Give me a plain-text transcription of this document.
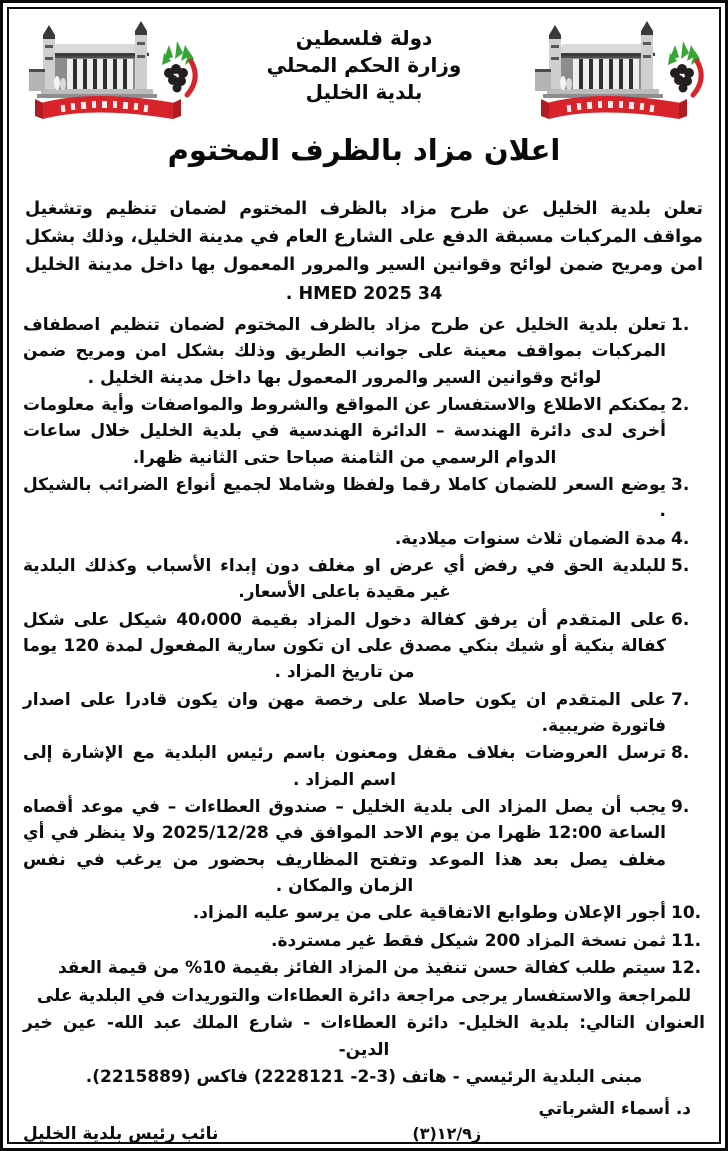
دولة فلسطين
وزارة الحكم المحلي
بلدية الخليل
اعلان مزاد بالظرف المختوم

تعلن بلدية الخليل عن طرح مزاد بالظرف المختوم لضمان تنظيم وتشغيل مواقف المركبات مسبقة الدفع على الشارع العام في مدينة الخليل، وذلك بشكل امن ومريح ضمن لوائح وقوانين السير والمرور المعمول بها داخل مدينة الخليل 34 2025 HMED .

1.
تعلن بلدية الخليل عن طرح مزاد بالظرف المختوم لضمان تنظيم اصطفاف المركبات بمواقف معينة على جوانب الطريق وذلك بشكل امن ومريح ضمن لوائح وقوانين السير والمرور المعمول بها داخل مدينة الخليل .
2.
يمكنكم الاطلاع والاستفسار عن المواقع والشروط والمواصفات وأية معلومات أخرى لدى دائرة الهندسة – الدائرة الهندسية في بلدية الخليل خلال ساعات الدوام الرسمي من الثامنة صباحا حتى الثانية ظهرا.
3.
يوضع السعر للضمان كاملا رقما ولفظا وشاملا لجميع أنواع الضرائب بالشيكل .
4.
مدة الضمان ثلاث سنوات ميلادية.
5.
للبلدية الحق في رفض أي عرض او مغلف دون إبداء الأسباب وكذلك البلدية غير مقيدة باعلى الأسعار.
6.
على المتقدم أن يرفق كفالة دخول المزاد بقيمة 40،000 شيكل على شكل كفالة بنكية أو شيك بنكي مصدق على ان تكون سارية المفعول لمدة 120 يوما من تاريخ المزاد .
7.
على المتقدم ان يكون حاصلا على رخصة مهن وان يكون قادرا على اصدار فاتورة ضريبية.
8.
ترسل العروضات بغلاف مقفل ومعنون باسم رئيس البلدية مع الإشارة إلى اسم المزاد .
9.
يجب أن يصل المزاد الى بلدية الخليل – صندوق العطاءات – في موعد أقصاه الساعة 12:00 ظهرا من يوم الاحد الموافق في 2025/12/28 ولا ينظر في أي مغلف يصل بعد هذا الموعد وتفتح المظاريف بحضور من يرغب في نفس الزمان والمكان .
10.
أجور الإعلان وطوابع الاتفاقية على من يرسو عليه المزاد.
11.
ثمن نسخة المزاد 200 شيكل فقط غير مستردة.
12.
سيتم طلب كفالة حسن تنفيذ من المزاد الفائز بقيمة 10% من قيمة العقد
للمراجعة والاستفسار يرجى مراجعة دائرة العطاءات والتوريدات في البلدية على
العنوان التالي: بلدية الخليل- دائرة العطاءات - شارع الملك عبد الله- عين خير الدين-
مبنى البلدية الرئيسي - هاتف (3-2- 2228121) فاكس (2215889).
د. أسماء الشرباتي
نائب رئيس بلدية الخليل	ز١٢/٩(٣)
